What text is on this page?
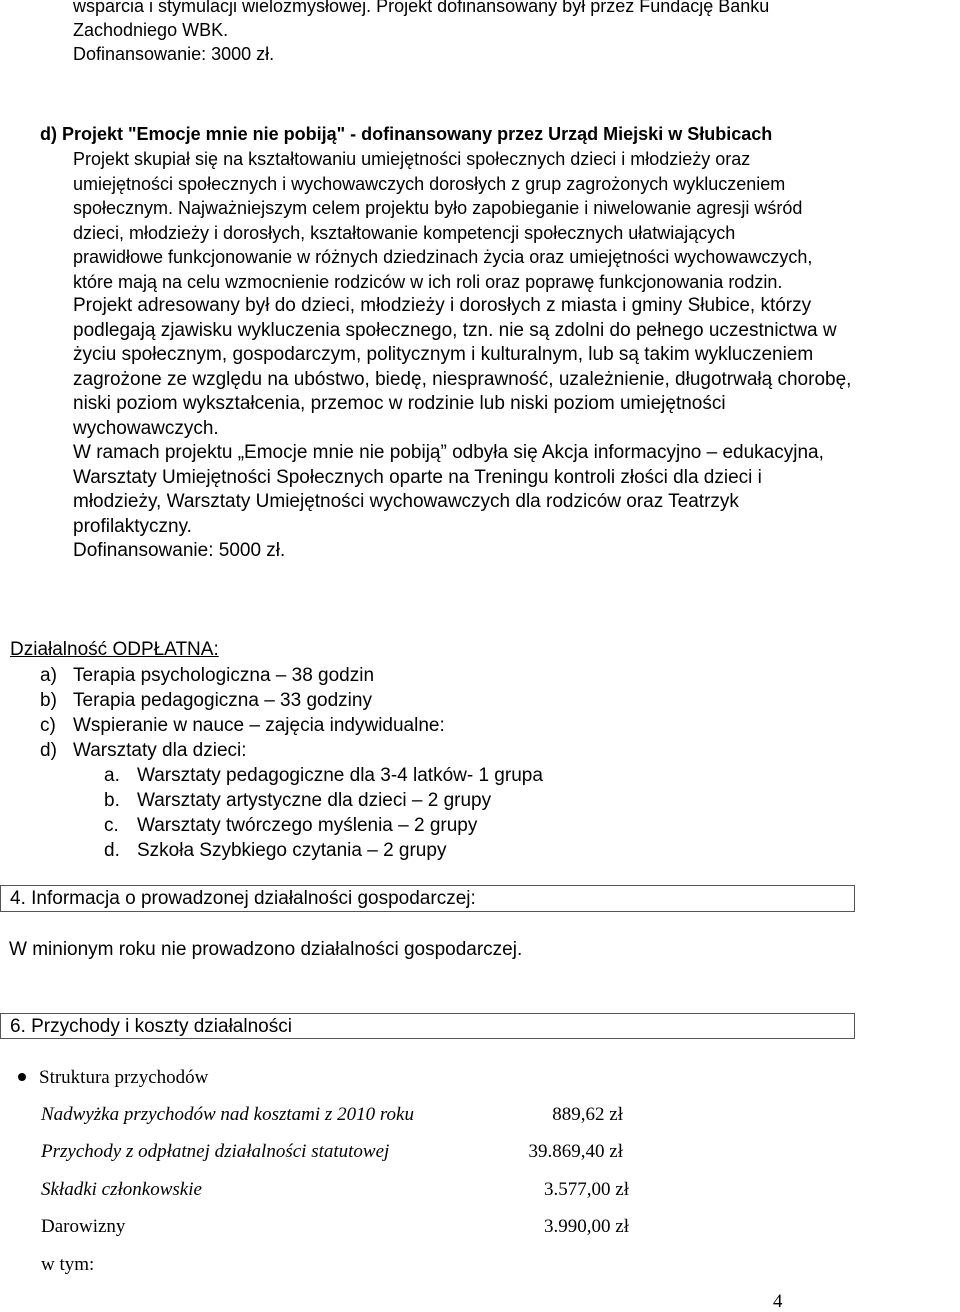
wsparcia i stymulacji wielozmysłowej. Projekt dofinansowany był przez Fundację Banku
Zachodniego WBK.
Dofinansowanie: 3000 zł.
d) Projekt "Emocje mnie nie pobiją" - dofinansowany przez Urząd Miejski w Słubicach
Projekt skupiał się na kształtowaniu umiejętności społecznych dzieci i młodzieży oraz
umiejętności społecznych i wychowawczych dorosłych z grup zagrożonych wykluczeniem
społecznym. Najważniejszym celem projektu było zapobieganie i niwelowanie agresji wśród
dzieci, młodzieży i dorosłych, kształtowanie kompetencji społecznych ułatwiających
prawidłowe funkcjonowanie w różnych dziedzinach życia oraz umiejętności wychowawczych,
które mają na celu wzmocnienie rodziców w ich roli oraz poprawę funkcjonowania rodzin.
Projekt adresowany był do dzieci, młodzieży i dorosłych z miasta i gminy Słubice, którzy
podlegają zjawisku wykluczenia społecznego, tzn. nie są zdolni do pełnego uczestnictwa w
życiu społecznym, gospodarczym, politycznym i kulturalnym, lub są takim wykluczeniem
zagrożone ze względu na ubóstwo, biedę, niesprawność, uzależnienie, długotrwałą chorobę,
niski poziom wykształcenia, przemoc w rodzinie lub niski poziom umiejętności
wychowawczych.
W ramach projektu „Emocje mnie nie pobiją” odbyła się Akcja informacyjno – edukacyjna,
Warsztaty Umiejętności Społecznych oparte na Treningu kontroli złości dla dzieci i
młodzieży, Warsztaty Umiejętności wychowawczych dla rodziców oraz Teatrzyk
profilaktyczny.
Dofinansowanie: 5000 zł.
Działalność ODPŁATNA:
a) Terapia psychologiczna – 38 godzin
b) Terapia pedagogiczna – 33 godziny
c) Wspieranie w nauce – zajęcia indywidualne:
d) Warsztaty dla dzieci:
a. Warsztaty pedagogiczne dla 3-4 latków- 1 grupa
b. Warsztaty artystyczne dla dzieci – 2 grupy
c. Warsztaty twórczego myślenia – 2 grupy
d. Szkoła Szybkiego czytania – 2 grupy
4. Informacja o prowadzonej działalności gospodarczej:
W minionym roku nie prowadzono działalności gospodarczej.
6. Przychody i koszty działalności
Struktura przychodów
Nadwyżka przychodów nad kosztami z 2010 roku	889,62 zł
Przychody z odpłatnej działalności statutowej	39.869,40 zł
Składki członkowskie	3.577,00 zł
Darowizny	3.990,00 zł
w tym:
4
